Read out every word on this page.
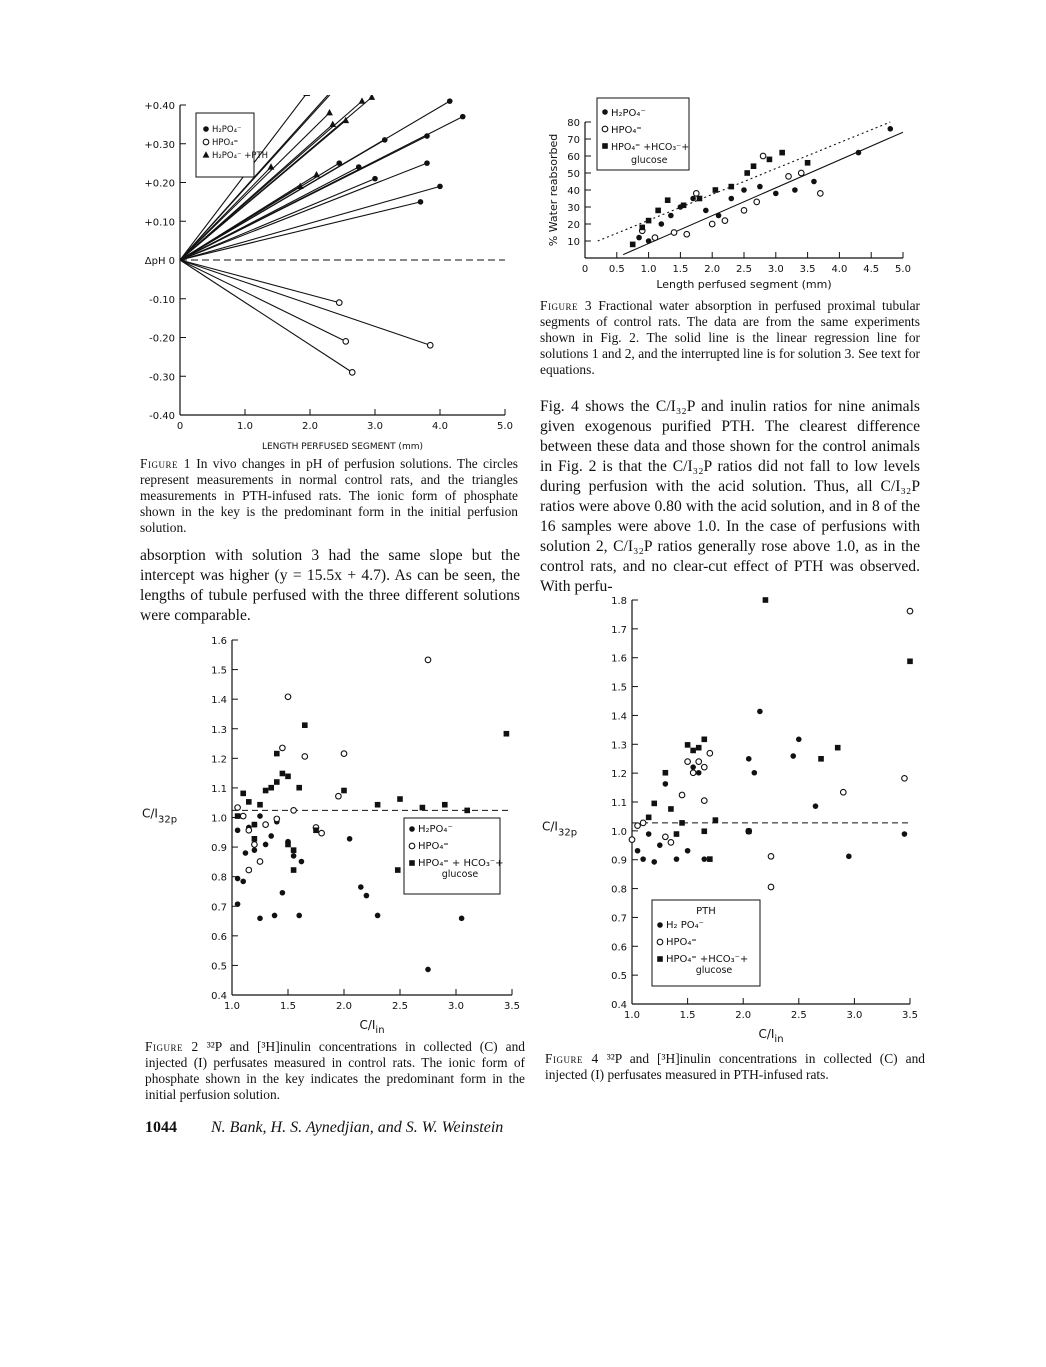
0	1.0	2.0	3.0	4.0	5.0
+0.40
+0.30
+0.20
+0.10
ΔpH 0
-0.10
-0.20
-0.30
-0.40
H₂PO₄⁻
HPO₄⁼
H₂PO₄⁻ +PTH
LENGTH PERFUSED SEGMENT (mm)
Figure 1 In vivo changes in pH of perfusion solutions. The circles represent measurements in normal control rats, and the triangles measurements in PTH-infused rats. The ionic form of phosphate shown in the key is the predominant form in the initial perfusion solution.
absorption with solution 3 had the same slope but the intercept was higher (y = 15.5x + 4.7). As can be seen, the lengths of tubule perfused with the three different solutions were comparable.
0 0.5 1.0 1.5 2.0 2.5 3.0 3.5 4.0 4.5 5.0
10
20
30
40
50
60
70
80
H₂PO₄⁻
HPO₄⁼
HPO₄⁼ +HCO₃⁻+
glucose
Length perfused segment (mm)
% Water reabsorbed
Figure 3 Fractional water absorption in perfused proximal tubular segments of control rats. The data are from the same experiments shown in Fig. 2. The solid line is the linear regression line for solutions 1 and 2, and the interrupted line is for solution 3. See text for equations.
Fig. 4 shows the C/I₃₂P and inulin ratios for nine animals given exogenous purified PTH. The clearest difference between these data and those shown for the control animals in Fig. 2 is that the C/I₃₂P ratios did not fall to low levels during perfusion with the acid solution. Thus, all C/I₃₂P ratios were above 0.80 with the acid solution, and in 8 of the 16 samples were above 1.0. In the case of perfusions with solution 2, C/I₃₂P ratios generally rose above 1.0, as in the control rats, and no clear-cut effect of PTH was observed. With perfu-
1.0	1.5	2.0	2.5	3.0	3.5
1.6
1.5
1.4
1.3
1.2
1.1
1.0
0.9
0.8
0.7
0.6
0.5
0.4
H₂PO₄⁻
HPO₄⁼
HPO₄⁼ + HCO₃⁻+
glucose
$C/I_{in}$
$C/I_{32p}$
Figure 2 ³²P and [³H]inulin concentrations in collected (C) and injected (I) perfusates measured in control rats. The ionic form of phosphate shown in the key indicates the predominant form in the initial perfusion solution.
1.0	1.5	2.0	2.5	3.0	3.5
1.8
1.7
1.6
1.5
1.4
1.3
1.2
1.1
1.0
0.9
0.8
0.7
0.6
0.5
0.4
PTH
H₂ PO₄⁻
HPO₄⁼
HPO₄⁼ +HCO₃⁻+
glucose
$C/I_{in}$
$C/I_{32p}$
Figure 4 ³²P and [³H]inulin concentrations in collected (C) and injected (I) perfusates measured in PTH-infused rats.
1044 N. Bank, H. S. Aynedjian, and S. W. Weinstein
